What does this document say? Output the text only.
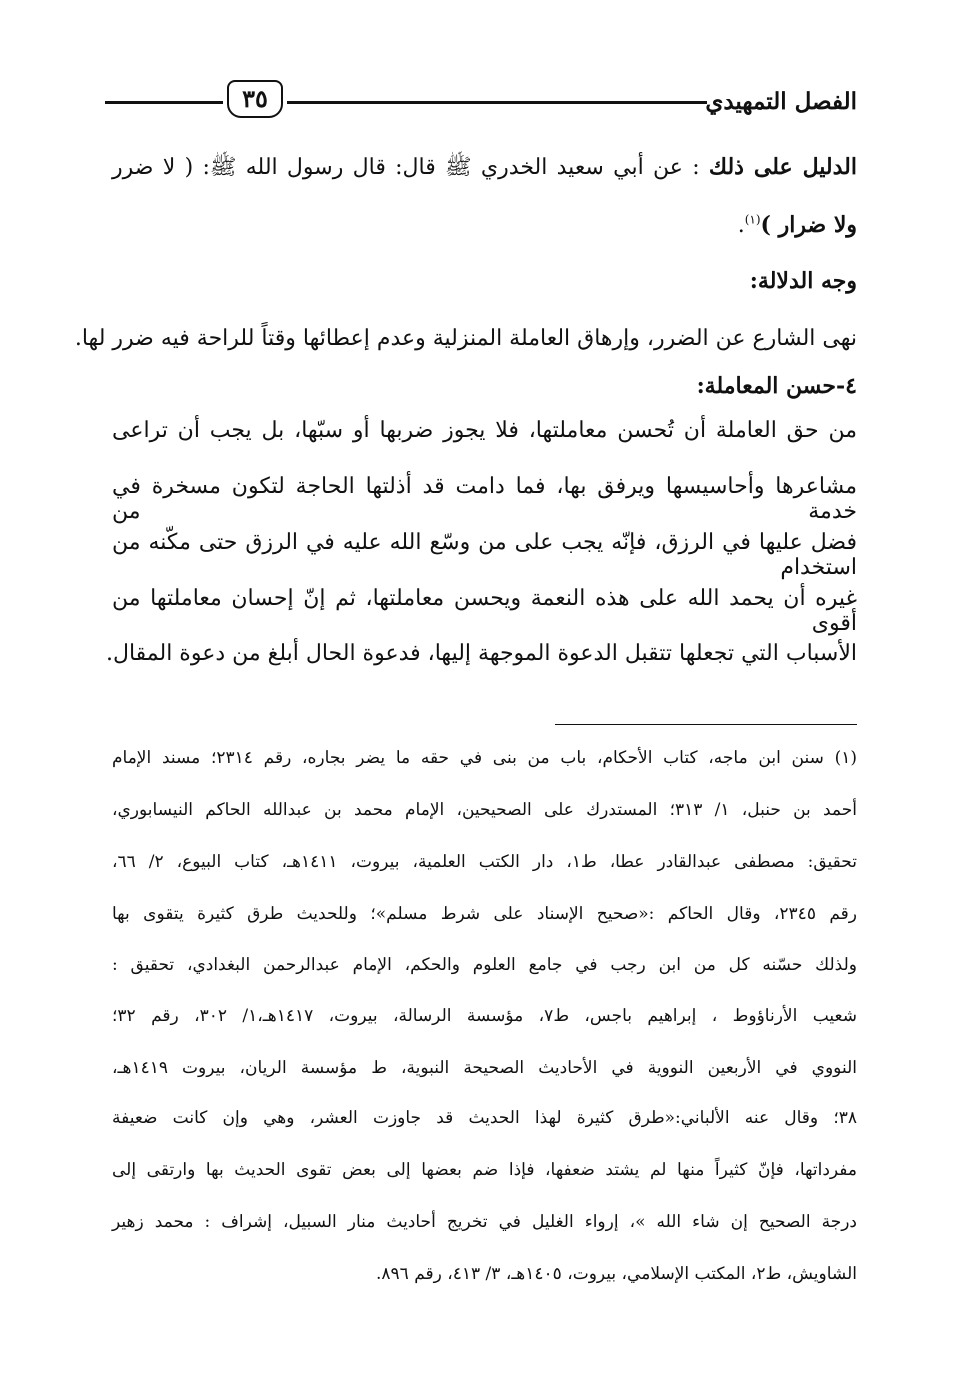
الفصل التمهيدي
٣٥
الدليل على ذلك : عن أبي سعيد الخدري ﷺ قال: قال رسول الله ﷺ: ( لا ضرر
ولا ضرار )$^{(١)}$.
وجه الدلالة:
نهى الشارع عن الضرر، وإرهاق العاملة المنزلية وعدم إعطائها وقتاً للراحة فيه ضرر لها.
٤-حسن المعاملة:
من حق العاملة أن تُحسن معاملتها، فلا يجوز ضربها أو سبّها، بل يجب أن تراعى
مشاعرها وأحاسيسها ويرفق بها، فما دامت قد أذلتها الحاجة لتكون مسخرة في خدمة من
فضل عليها في الرزق، فإنّه يجب على من وسّع الله عليه في الرزق حتى مكّنه من استخدام
غيره أن يحمد الله على هذه النعمة ويحسن معاملتها، ثم إنّ إحسان معاملتها من أقوى
الأسباب التي تجعلها تتقبل الدعوة الموجهة إليها، فدعوة الحال أبلغ من دعوة المقال.
(١) سنن ابن ماجه، كتاب الأحكام، باب من بنى في حقه ما يضر بجاره، رقم ٢٣١٤؛ مسند الإمام
أحمد بن حنبل، ١/ ٣١٣؛ المستدرك على الصحيحين، الإمام محمد بن عبدالله الحاكم النيسابوري،
تحقيق: مصطفى عبدالقادر عطا، ط١، دار الكتب العلمية، بيروت، ١٤١١هـ، كتاب البيوع، ٢/ ٦٦،
رقم ٢٣٤٥، وقال الحاكم :«صحيح الإسناد على شرط مسلم»؛ وللحديث طرق كثيرة يتقوى بها
ولذلك حسّنه كل من ابن رجب في جامع العلوم والحكم، الإمام عبدالرحمن البغدادي، تحقيق :
شعيب الأرناؤوط ، إبراهيم باجس، ط٧، مؤسسة الرسالة، بيروت، ١٤١٧هـ،١/ ٣٠٢، رقم ٣٢؛
النووي في الأربعين النووية في الأحاديث الصحيحة النبوية، ط مؤسسة الريان، بيروت ١٤١٩هـ،
٣٨؛ وقال عنه الألباني:«طرق كثيرة لهذا الحديث قد جاوزت العشر، وهي وإن كانت ضعيفة
مفرداتها، فإنّ كثيراً منها لم يشتد ضعفها، فإذا ضم بعضها إلى بعض تقوى الحديث بها وارتقى إلى
درجة الصحيح إن شاء الله »، إرواء الغليل في تخريج أحاديث منار السبيل، إشراف : محمد زهير
الشاويش، ط٢، المكتب الإسلامي، بيروت، ١٤٠٥هـ، ٣/ ٤١٣، رقم ٨٩٦.
